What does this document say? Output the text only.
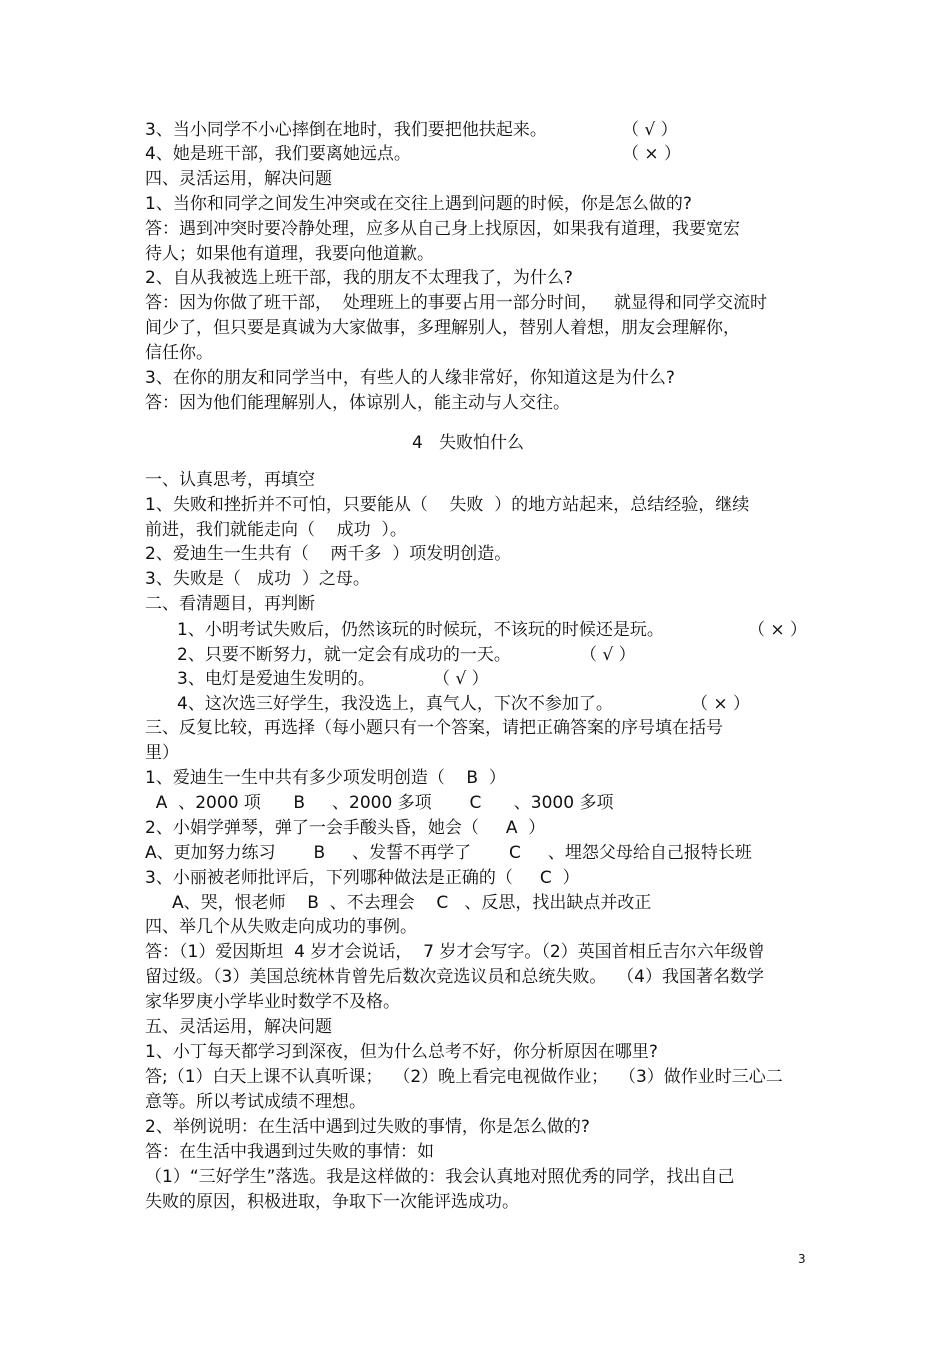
3、当小同学不小心摔倒在地时，我们要把他扶起来。	（ √ ）
4、她是班干部，我们要离她远点。	（ × ）
四、灵活运用，解决问题
1、当你和同学之间发生冲突或在交往上遇到问题的时候，你是怎么做的?
答：遇到冲突时要冷静处理，应多从自己身上找原因，如果我有道理，我要宽宏
待人；如果他有道理，我要向他道歉。
2、自从我被选上班干部，我的朋友不太理我了，为什么?
答：因为你做了班干部，  处理班上的事要占用一部分时间，   就显得和同学交流时
间少了，但只要是真诚为大家做事，多理解别人，替别人着想，朋友会理解你，
信任你。
3、在你的朋友和同学当中，有些人的人缘非常好，你知道这是为什么?
答：因为他们能理解别人，体谅别人，能主动与人交往。
4   失败怕什么
一、认真思考，再填空
1、失败和挫折并不可怕，只要能从（    失败  ）的地方站起来，总结经验，继续
前进，我们就能走向（    成功  ）。
2、爱迪生一生共有（    两千多  ）项发明创造。
3、失败是（   成功  ）之母。
二、看清题目，再判断
1、小明考试失败后，仍然该玩的时候玩，不该玩的时候还是玩。	（ × ）
2、只要不断努力，就一定会有成功的一天。	（ √ ）
3、电灯是爱迪生发明的。	（ √ ）
4、这次选三好学生，我没选上，真气人，下次不参加了。	（ × ）
三、反复比较，再选择（每小题只有一个答案，请把正确答案的序号填在括号
里）
1、爱迪生一生中共有多少项发明创造（    B  ）
A  、2000 项      B     、2000 多项       C      、3000 多项
2、小娟学弹琴，弹了一会手酸头昏，她会（     A  ）
A、更加努力练习       B     、发誓不再学了       C     、埋怨父母给自己报特长班
3、小丽被老师批评后，下列哪种做法是正确的（     C  ）
A、哭，恨老师    B  、不去理会    C   、反思，找出缺点并改正
四、举几个从失败走向成功的事例。
答：（1）爱因斯坦  4 岁才会说话，  7 岁才会写字。（2）英国首相丘吉尔六年级曾
留过级。（3）美国总统林肯曾先后数次竞选议员和总统失败。  （4）我国著名数学
家华罗庚小学毕业时数学不及格。
五、灵活运用，解决问题
1、小丁每天都学习到深夜，但为什么总考不好，你分析原因在哪里?
答;（1）白天上课不认真听课；  （2）晚上看完电视做作业；  （3）做作业时三心二
意等。所以考试成绩不理想。
2、举例说明：在生活中遇到过失败的事情，你是怎么做的?
答：在生活中我遇到过失败的事情：如
（1）“三好学生”落选。我是这样做的：我会认真地对照优秀的同学，找出自己
失败的原因，积极进取，争取下一次能评选成功。
3
